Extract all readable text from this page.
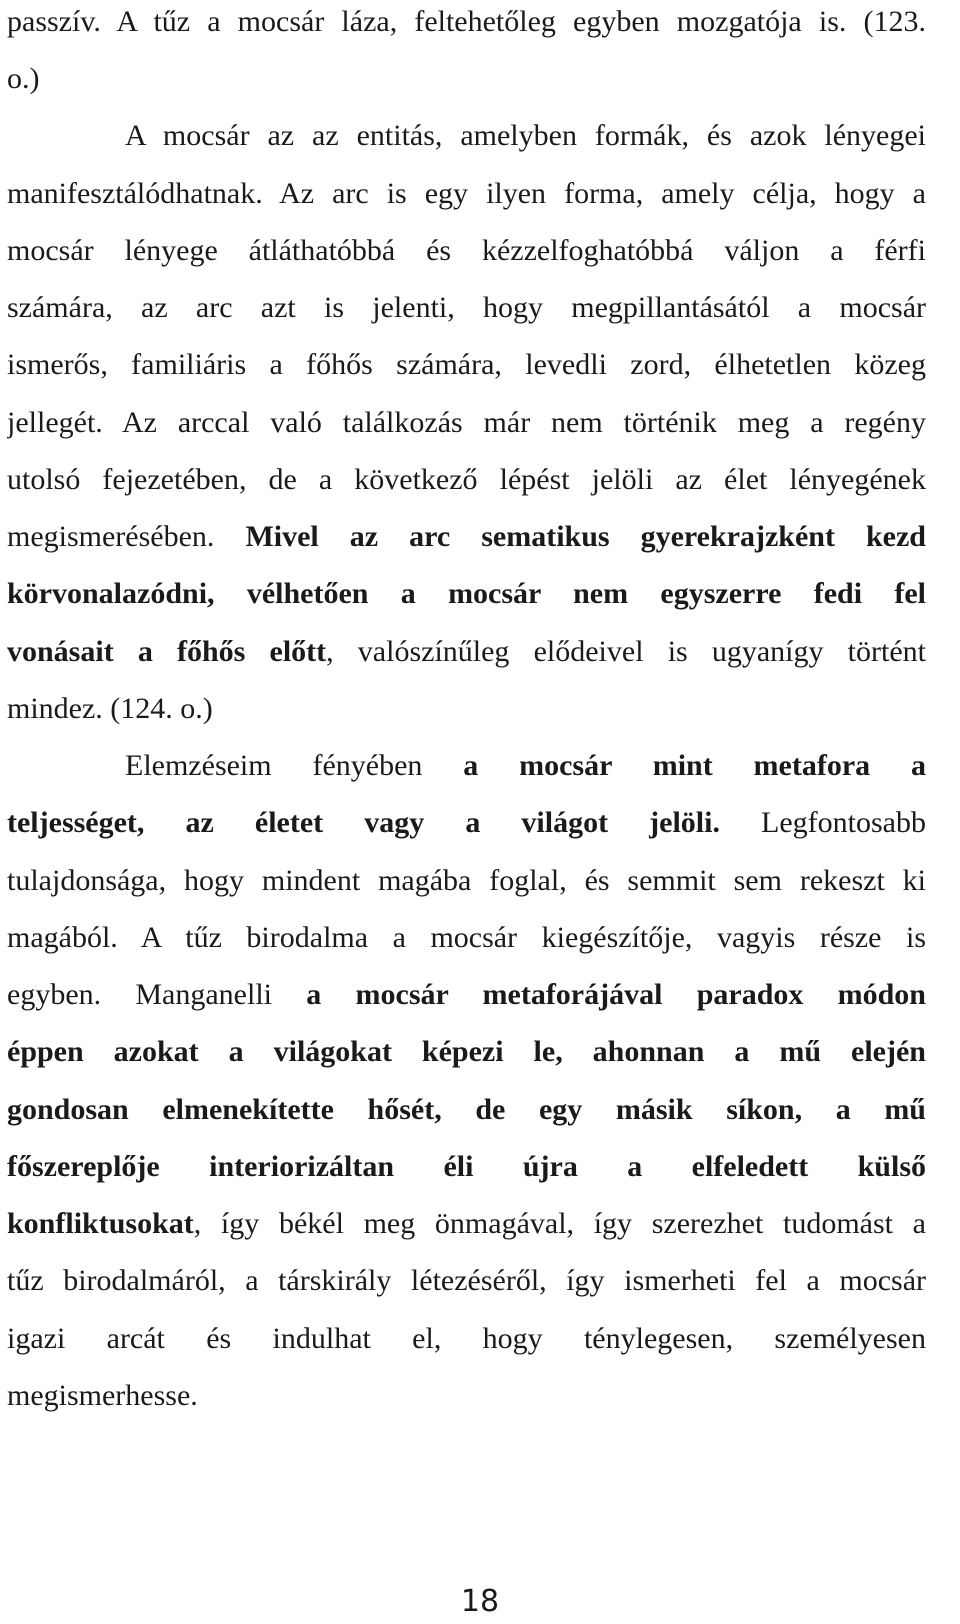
passzív. A tűz a mocsár láza, feltehetőleg egyben mozgatója is. (123.
o.)
A mocsár az az entitás, amelyben formák, és azok lényegei
manifesztálódhatnak. Az arc is egy ilyen forma, amely célja, hogy a
mocsár lényege átláthatóbbá és kézzelfoghatóbbá váljon a férfi
számára, az arc azt is jelenti, hogy megpillantásától a mocsár
ismerős, familiáris a főhős számára, levedli zord, élhetetlen közeg
jellegét. Az arccal való találkozás már nem történik meg a regény
utolsó fejezetében, de a következő lépést jelöli az élet lényegének
megismerésében. Mivel az arc sematikus gyerekrajzként kezd
körvonalazódni, vélhetően a mocsár nem egyszerre fedi fel
vonásait a főhős előtt, valószínűleg elődeivel is ugyanígy történt
mindez. (124. o.)
Elemzéseim fényében a mocsár mint metafora a
teljességet, az életet vagy a világot jelöli. Legfontosabb
tulajdonsága, hogy mindent magába foglal, és semmit sem rekeszt ki
magából. A tűz birodalma a mocsár kiegészítője, vagyis része is
egyben. Manganelli a mocsár metaforájával paradox módon
éppen azokat a világokat képezi le, ahonnan a mű elején
gondosan elmenekítette hősét, de egy másik síkon, a mű
főszereplője interiorizáltan éli újra a elfeledett külső
konfliktusokat, így békél meg önmagával, így szerezhet tudomást a
tűz birodalmáról, a társkirály létezéséről, így ismerheti fel a mocsár
igazi arcát és indulhat el, hogy ténylegesen, személyesen
megismerhesse.
18
